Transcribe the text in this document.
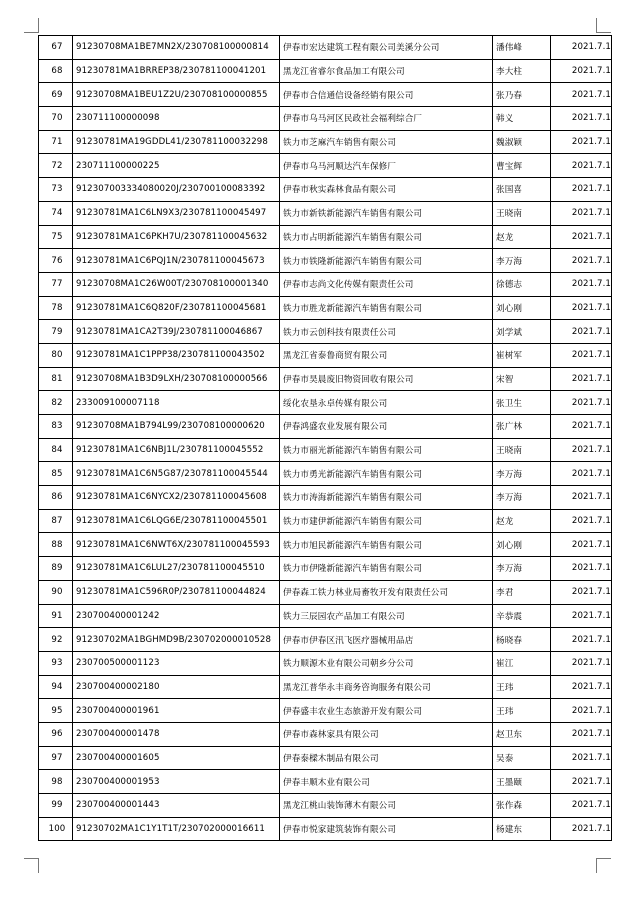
67	91230708MA1BE7MN2X/230708100000814	伊春市宏达建筑工程有限公司美溪分公司	潘伟峰	2021.7.1
68	91230781MA1BRREP38/230781100041201	黑龙江省睿尔食品加工有限公司	李大柱	2021.7.1
69	91230708MA1BEU1Z2U/230708100000855	伊春市合信通信设备经销有限公司	张乃春	2021.7.1
70	230711100000098	伊春市乌马河区民政社会福利综合厂	韩义	2021.7.1
71	91230781MA19GDDL41/230781100032298	铁力市芝麻汽车销售有限公司	魏淑颖	2021.7.1
72	230711100000225	伊春市乌马河顺达汽车保修厂	曹宝辉	2021.7.1
73	912307003334080020J/230700100083392	伊春市秋实森林食品有限公司	张国喜	2021.7.1
74	91230781MA1C6LN9X3/230781100045497	铁力市新铁新能源汽车销售有限公司	王晓南	2021.7.1
75	91230781MA1C6PKH7U/230781100045632	铁力市占明新能源汽车销售有限公司	赵龙	2021.7.1
76	91230781MA1C6PQJ1N/230781100045673	铁力市铁隆新能源汽车销售有限公司	李万海	2021.7.1
77	91230708MA1C26W00T/230708100001340	伊春市志尚文化传媒有限责任公司	徐德志	2021.7.1
78	91230781MA1C6Q820F/230781100045681	铁力市胜龙新能源汽车销售有限公司	刘心刚	2021.7.1
79	91230781MA1CA2T39J/230781100046867	铁力市云创科技有限责任公司	刘学斌	2021.7.1
80	91230781MA1C1PPP38/230781100043502	黑龙江省泰鲁商贸有限公司	崔树军	2021.7.1
81	91230708MA1B3D9LXH/230708100000566	伊春市昊晨废旧物资回收有限公司	宋智	2021.7.1
82	233009100007118	绥化农垦永卓传媒有限公司	张卫生	2021.7.1
83	91230708MA1B794L99/230708100000620	伊春鸿盛农业发展有限公司	张广林	2021.7.1
84	91230781MA1C6NBJ1L/230781100045552	铁力市丽光新能源汽车销售有限公司	王晓南	2021.7.1
85	91230781MA1C6N5G87/230781100045544	铁力市勇光新能源汽车销售有限公司	李万海	2021.7.1
86	91230781MA1C6NYCX2/230781100045608	铁力市涛海新能源汽车销售有限公司	李万海	2021.7.1
87	91230781MA1C6LQG6E/230781100045501	铁力市建伊新能源汽车销售有限公司	赵龙	2021.7.1
88	91230781MA1C6NWT6X/230781100045593	铁力市旭民新能源汽车销售有限公司	刘心刚	2021.7.1
89	91230781MA1C6LUL27/230781100045510	铁力市伊隆新能源汽车销售有限公司	李万海	2021.7.1
90	91230781MA1C596R0P/230781100044824	伊春森工铁力林业局畜牧开发有限责任公司	李君	2021.7.1
91	230700400001242	铁力三辰园农产品加工有限公司	辛恭震	2021.7.1
92	91230702MA1BGHMD9B/230702000010528	伊春市伊春区汛飞医疗器械用品店	杨晓春	2021.7.1
93	230700500001123	铁力顺源木业有限公司朝乡分公司	崔江	2021.7.1
94	230700400002180	黑龙江普华永丰商务咨询服务有限公司	王玮	2021.7.1
95	230700400001961	伊春盛丰农业生态旅游开发有限公司	王玮	2021.7.1
96	230700400001478	伊春市森林家具有限公司	赵卫东	2021.7.1
97	230700400001605	伊春泰樑木制品有限公司	吴泰	2021.7.1
98	230700400001953	伊春丰顺木业有限公司	王墨颐	2021.7.1
99	230700400001443	黑龙江桃山装饰薄木有限公司	张作森	2021.7.1
100	91230702MA1C1Y1T1T/230702000016611	伊春市悦家建筑装饰有限公司	杨建东	2021.7.1
